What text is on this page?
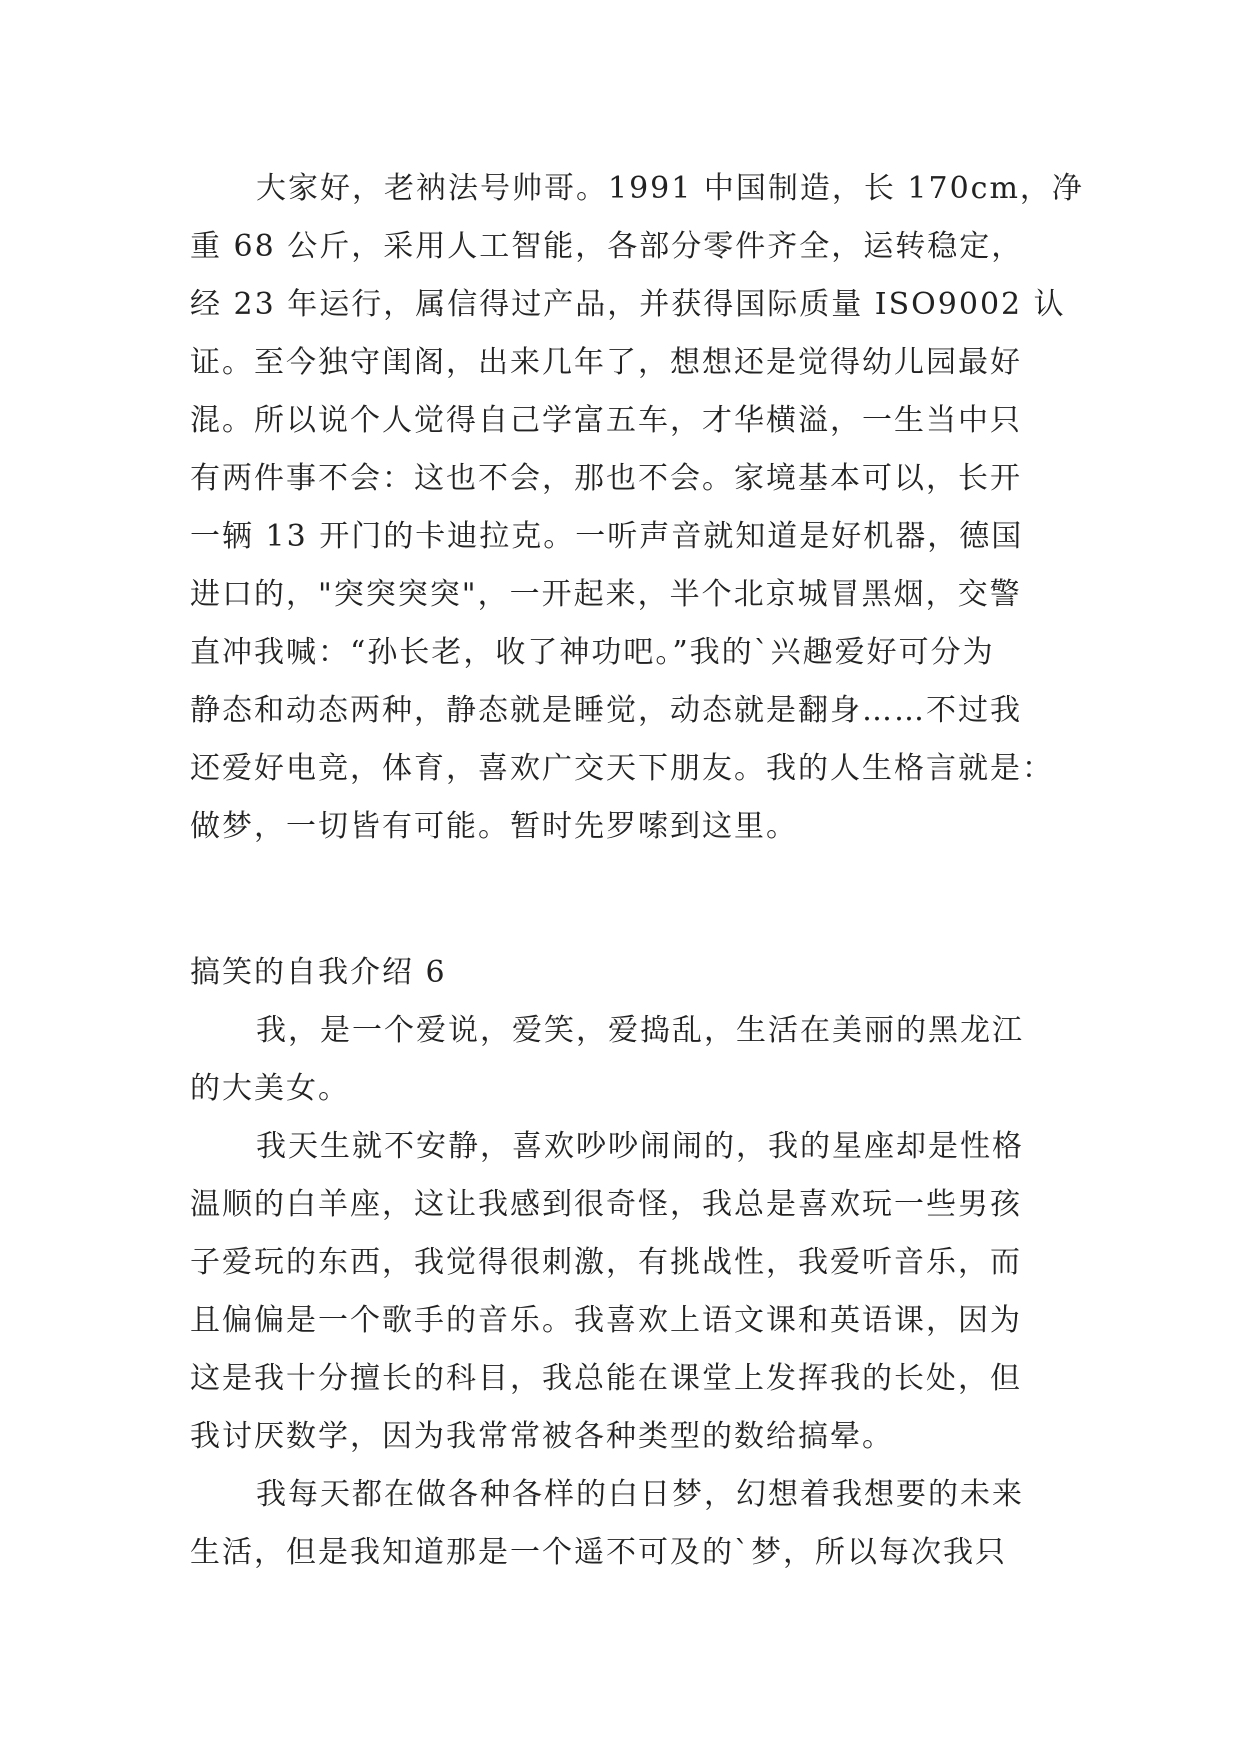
大家好，老衲法号帅哥。1991 中国制造，长 170cm，净
重 68 公斤，采用人工智能，各部分零件齐全，运转稳定，
经 23 年运行，属信得过产品，并获得国际质量 ISO9002 认
证。至今独守闺阁，出来几年了，想想还是觉得幼儿园最好
混。所以说个人觉得自己学富五车，才华横溢，一生当中只
有两件事不会：这也不会，那也不会。家境基本可以，长开
一辆 13 开门的卡迪拉克。一听声音就知道是好机器，德国
进口的，"突突突突"，一开起来，半个北京城冒黑烟，交警
直冲我喊：“孙长老，收了神功吧。”我的`兴趣爱好可分为
静态和动态两种，静态就是睡觉，动态就是翻身……不过我
还爱好电竞，体育，喜欢广交天下朋友。我的人生格言就是：
做梦，一切皆有可能。暂时先罗嗦到这里。
搞笑的自我介绍 6
我，是一个爱说，爱笑，爱捣乱，生活在美丽的黑龙江
的大美女。
我天生就不安静，喜欢吵吵闹闹的，我的星座却是性格
温顺的白羊座，这让我感到很奇怪，我总是喜欢玩一些男孩
子爱玩的东西，我觉得很刺激，有挑战性，我爱听音乐，而
且偏偏是一个歌手的音乐。我喜欢上语文课和英语课，因为
这是我十分擅长的科目，我总能在课堂上发挥我的长处，但
我讨厌数学，因为我常常被各种类型的数给搞晕。
我每天都在做各种各样的白日梦，幻想着我想要的未来
生活，但是我知道那是一个遥不可及的`梦，所以每次我只
